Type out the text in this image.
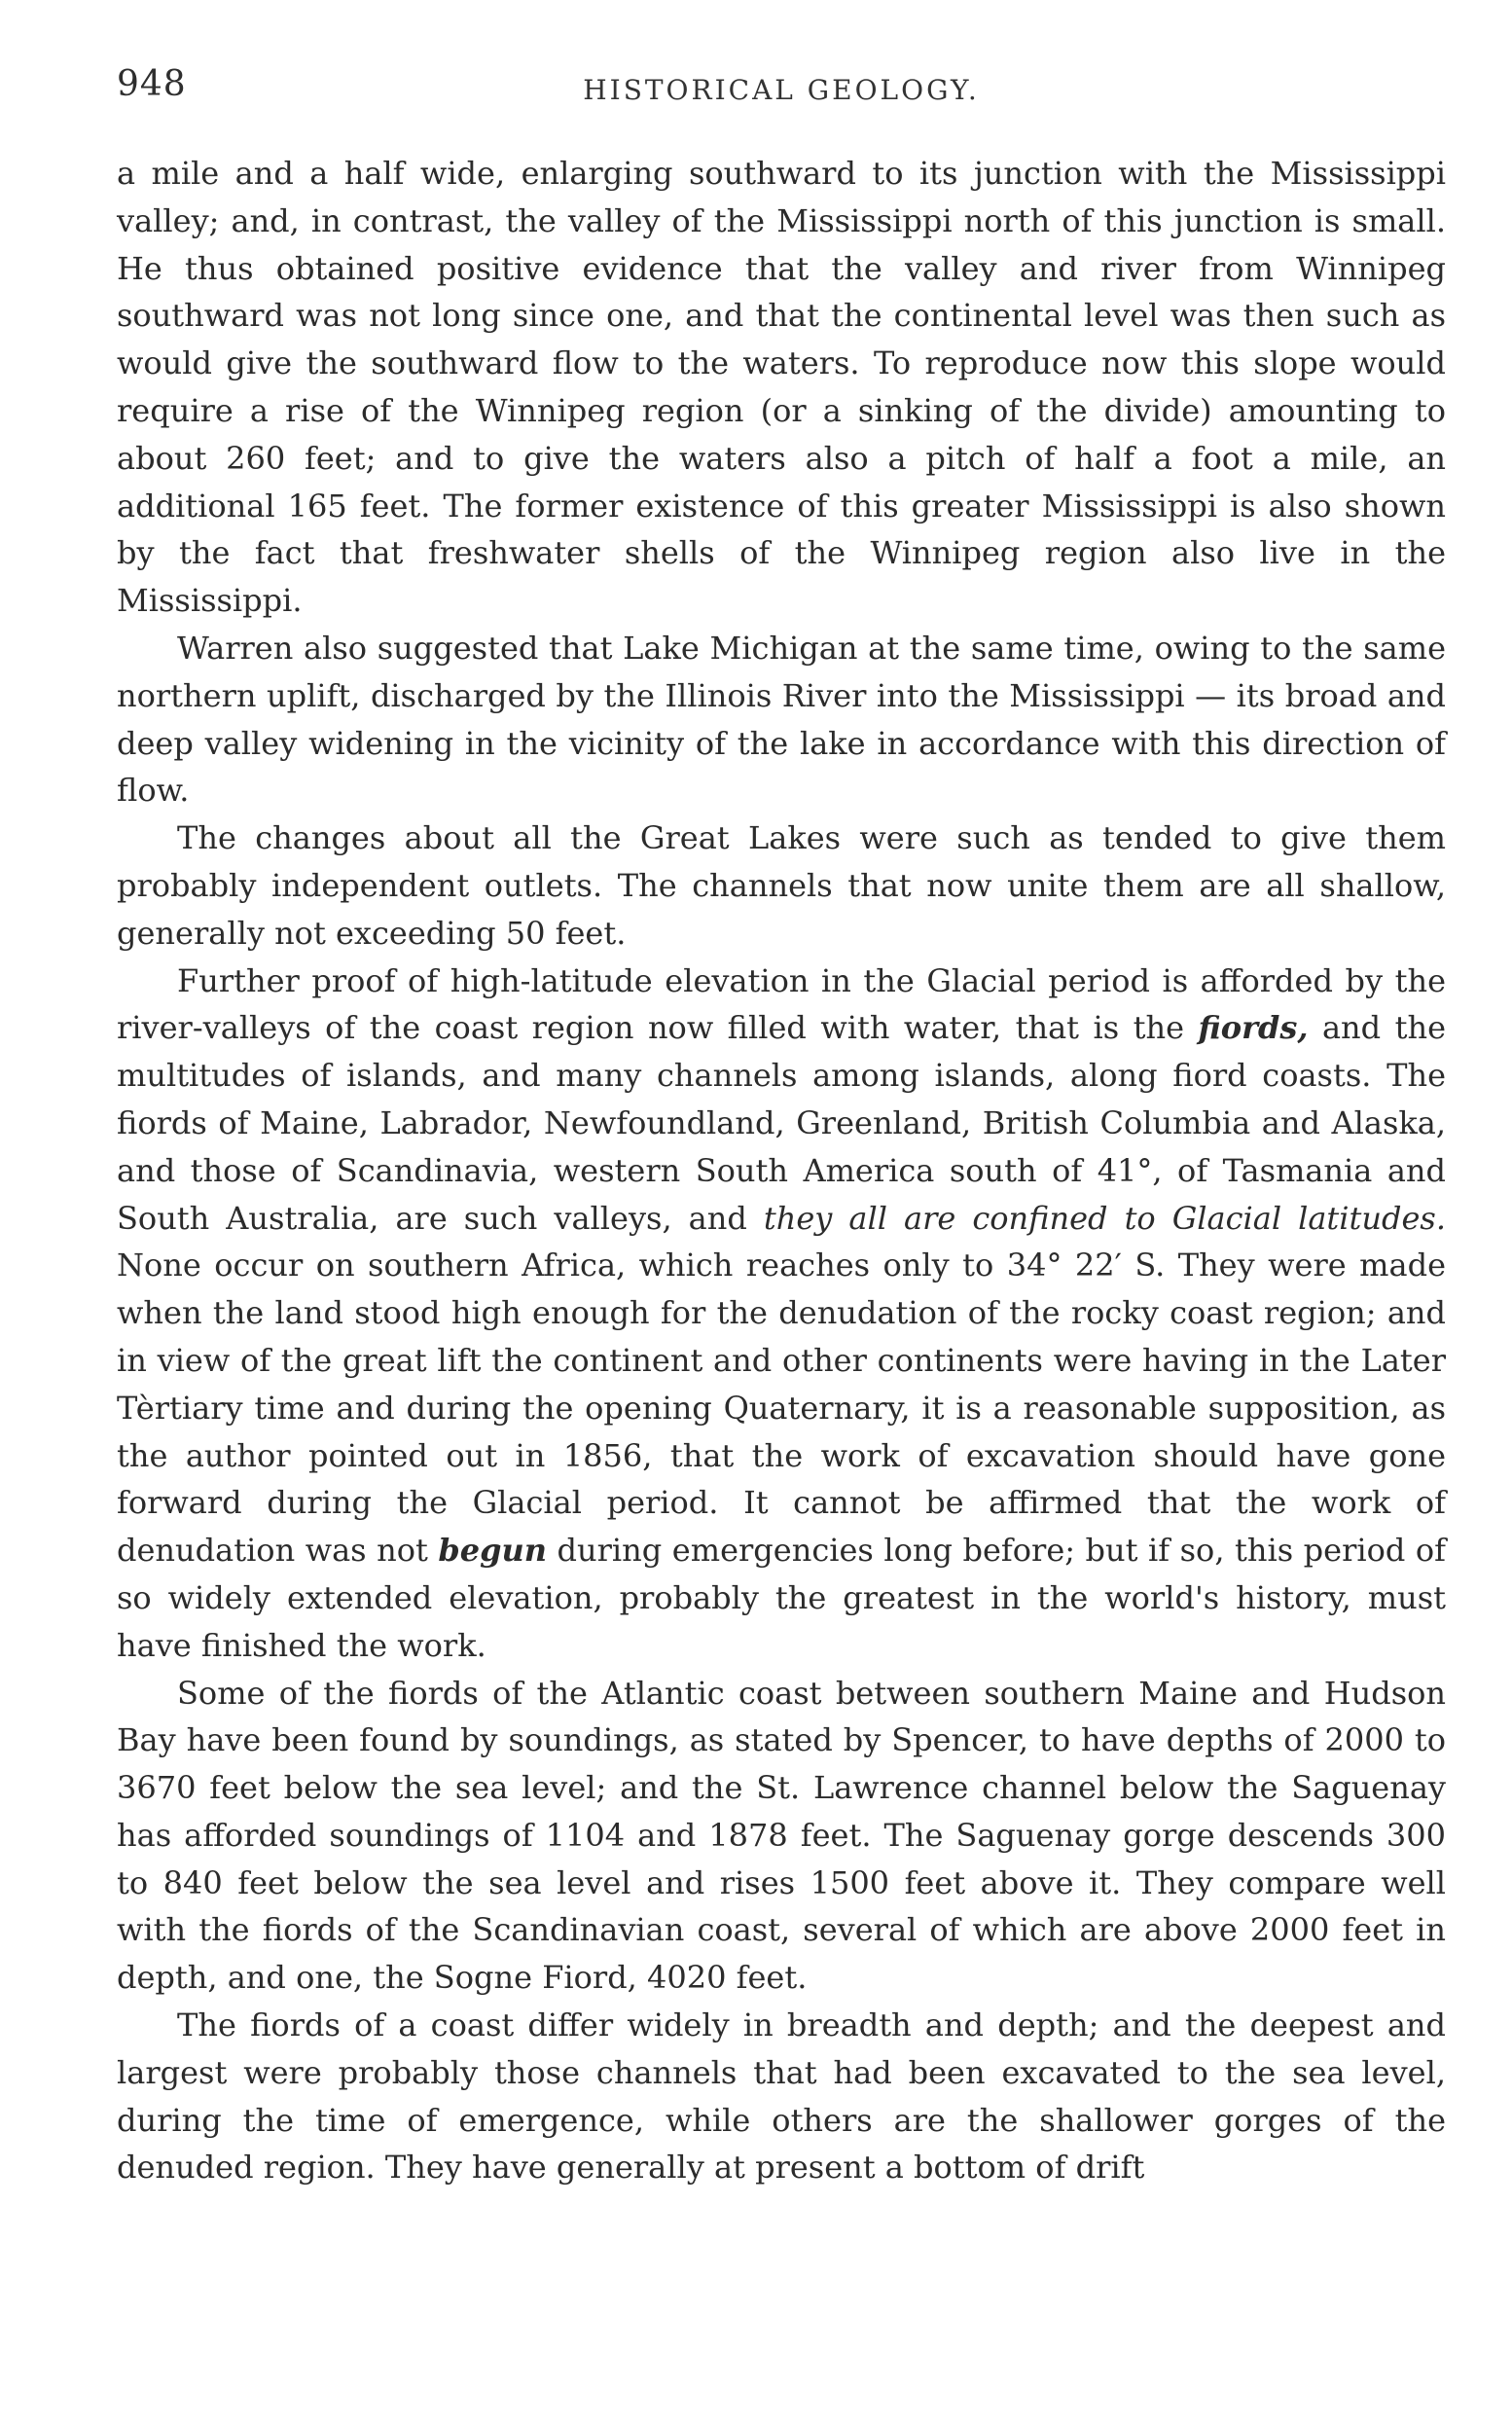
948	HISTORICAL GEOLOGY.

a mile and a half wide, enlarging southward to its junction with the Mississippi valley; and, in contrast, the valley of the Mississippi north of this junction is small. He thus obtained positive evidence that the valley and river from Winnipeg southward was not long since one, and that the continental level was then such as would give the southward flow to the waters. To reproduce now this slope would require a rise of the Winnipeg region (or a sinking of the divide) amounting to about 260 feet; and to give the waters also a pitch of half a foot a mile, an additional 165 feet. The former existence of this greater Mississippi is also shown by the fact that freshwater shells of the Winnipeg region also live in the Mississippi.

Warren also suggested that Lake Michigan at the same time, owing to the same northern uplift, discharged by the Illinois River into the Mississippi — its broad and deep valley widening in the vicinity of the lake in accordance with this direction of flow.

The changes about all the Great Lakes were such as tended to give them probably independent outlets. The channels that now unite them are all shallow, generally not exceeding 50 feet.

Further proof of high-latitude elevation in the Glacial period is afforded by the river-valleys of the coast region now filled with water, that is the fiords, and the multitudes of islands, and many channels among islands, along fiord coasts. The fiords of Maine, Labrador, Newfoundland, Greenland, British Columbia and Alaska, and those of Scandinavia, western South America south of 41°, of Tasmania and South Australia, are such valleys, and they all are confined to Glacial latitudes. None occur on southern Africa, which reaches only to 34° 22′ S. They were made when the land stood high enough for the denudation of the rocky coast region; and in view of the great lift the continent and other continents were having in the Later Tèrtiary time and during the opening Quaternary, it is a reasonable supposition, as the author pointed out in 1856, that the work of excavation should have gone forward during the Glacial period. It cannot be affirmed that the work of denudation was not begun during emergencies long before; but if so, this period of so widely extended elevation, probably the greatest in the world's history, must have finished the work.

Some of the fiords of the Atlantic coast between southern Maine and Hudson Bay have been found by soundings, as stated by Spencer, to have depths of 2000 to 3670 feet below the sea level; and the St. Lawrence channel below the Saguenay has afforded soundings of 1104 and 1878 feet. The Saguenay gorge descends 300 to 840 feet below the sea level and rises 1500 feet above it. They compare well with the fiords of the Scandinavian coast, several of which are above 2000 feet in depth, and one, the Sogne Fiord, 4020 feet.

The fiords of a coast differ widely in breadth and depth; and the deepest and largest were probably those channels that had been excavated to the sea level, during the time of emergence, while others are the shallower gorges of the denuded region. They have generally at present a bottom of drift
